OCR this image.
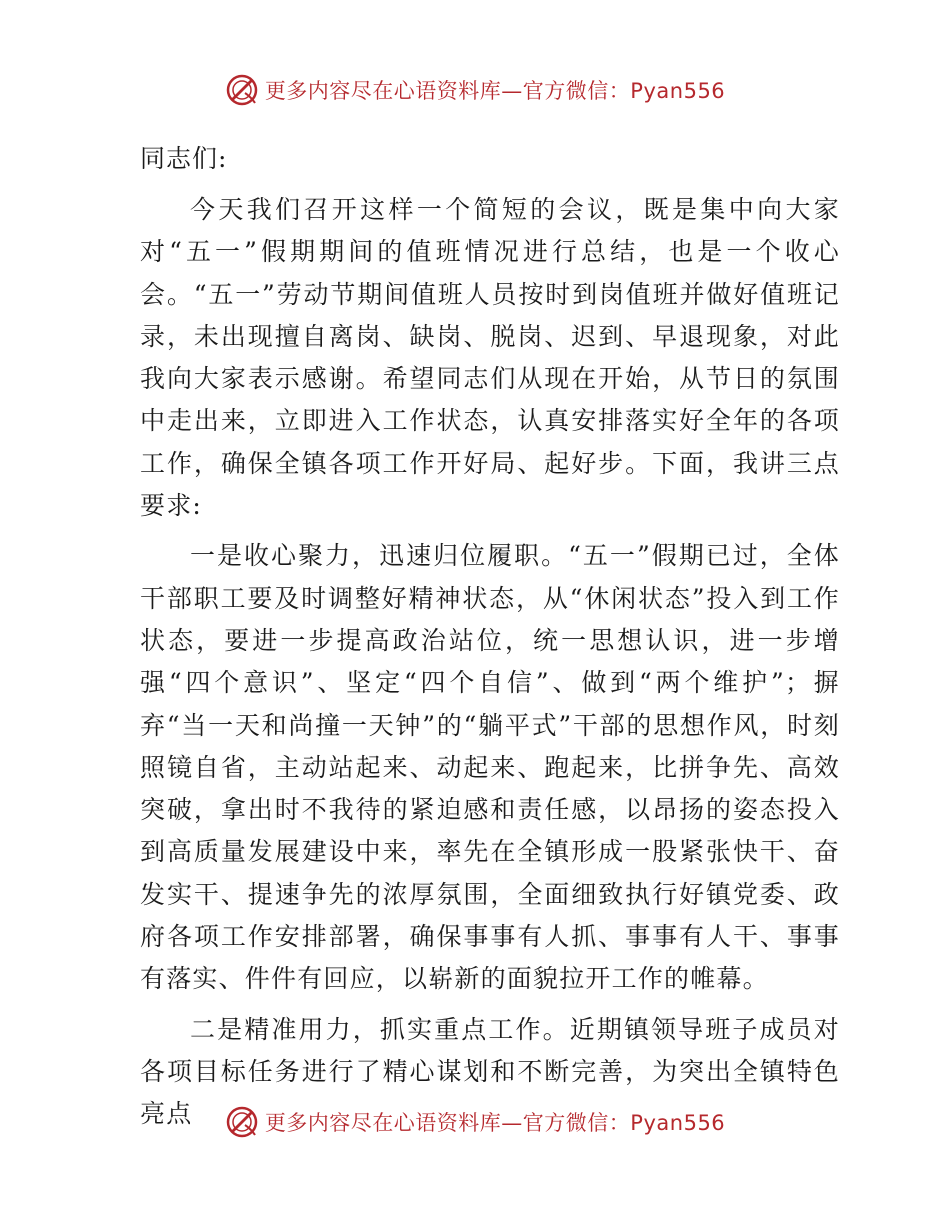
更多内容尽在心语资料库—官方微信：Pyan556

同志们:

今天我们召开这样一个简短的会议，既是集中向大家对“五一”假期期间的值班情况进行总结，也是一个收心会。“五一”劳动节期间值班人员按时到岗值班并做好值班记录，未出现擅自离岗、缺岗、脱岗、迟到、早退现象，对此我向大家表示感谢。希望同志们从现在开始，从节日的氛围中走出来，立即进入工作状态，认真安排落实好全年的各项工作，确保全镇各项工作开好局、起好步。下面，我讲三点要求:

一是收心聚力，迅速归位履职。“五一”假期已过，全体干部职工要及时调整好精神状态，从“休闲状态”投入到工作状态，要进一步提高政治站位，统一思想认识，进一步增强“四个意识”、坚定“四个自信”、做到“两个维护”；摒弃“当一天和尚撞一天钟”的“躺平式”干部的思想作风，时刻照镜自省，主动站起来、动起来、跑起来，比拼争先、高效突破，拿出时不我待的紧迫感和责任感，以昂扬的姿态投入到高质量发展建设中来，率先在全镇形成一股紧张快干、奋发实干、提速争先的浓厚氛围，全面细致执行好镇党委、政府各项工作安排部署，确保事事有人抓、事事有人干、事事有落实、件件有回应，以崭新的面貌拉开工作的帷幕。

二是精准用力，抓实重点工作。近期镇领导班子成员对各项目标任务进行了精心谋划和不断完善，为突出全镇特色亮点	更多内容尽在心语资料库—官方微信：Pyan556
